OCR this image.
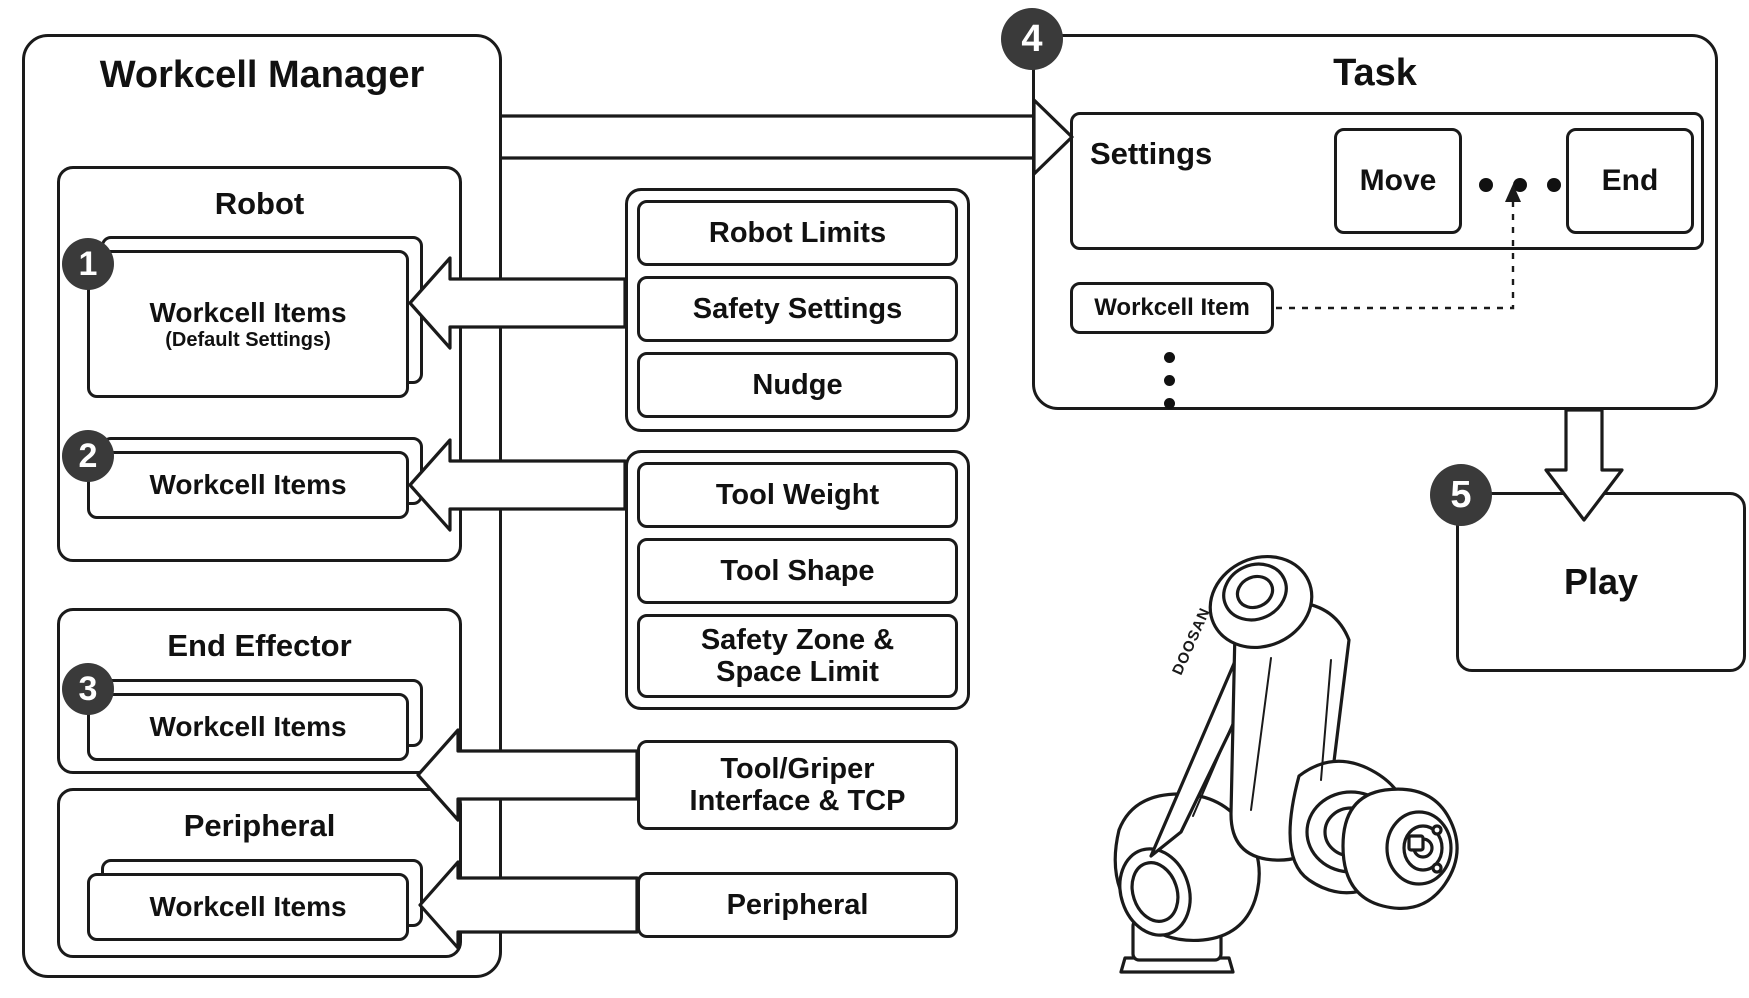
Workcell Manager
Robot
Workcell Items
(Default Settings)
Workcell Items
End Effector
Workcell Items
Peripheral
Workcell Items
Robot Limits
Safety Settings
Nudge
Tool Weight
Tool Shape
Safety Zone &
Space Limit
Tool/Griper
Interface & TCP
Peripheral
Task
Settings
Move	End
Workcell Item
Play
DOOSAN
1
2
3
4
5
